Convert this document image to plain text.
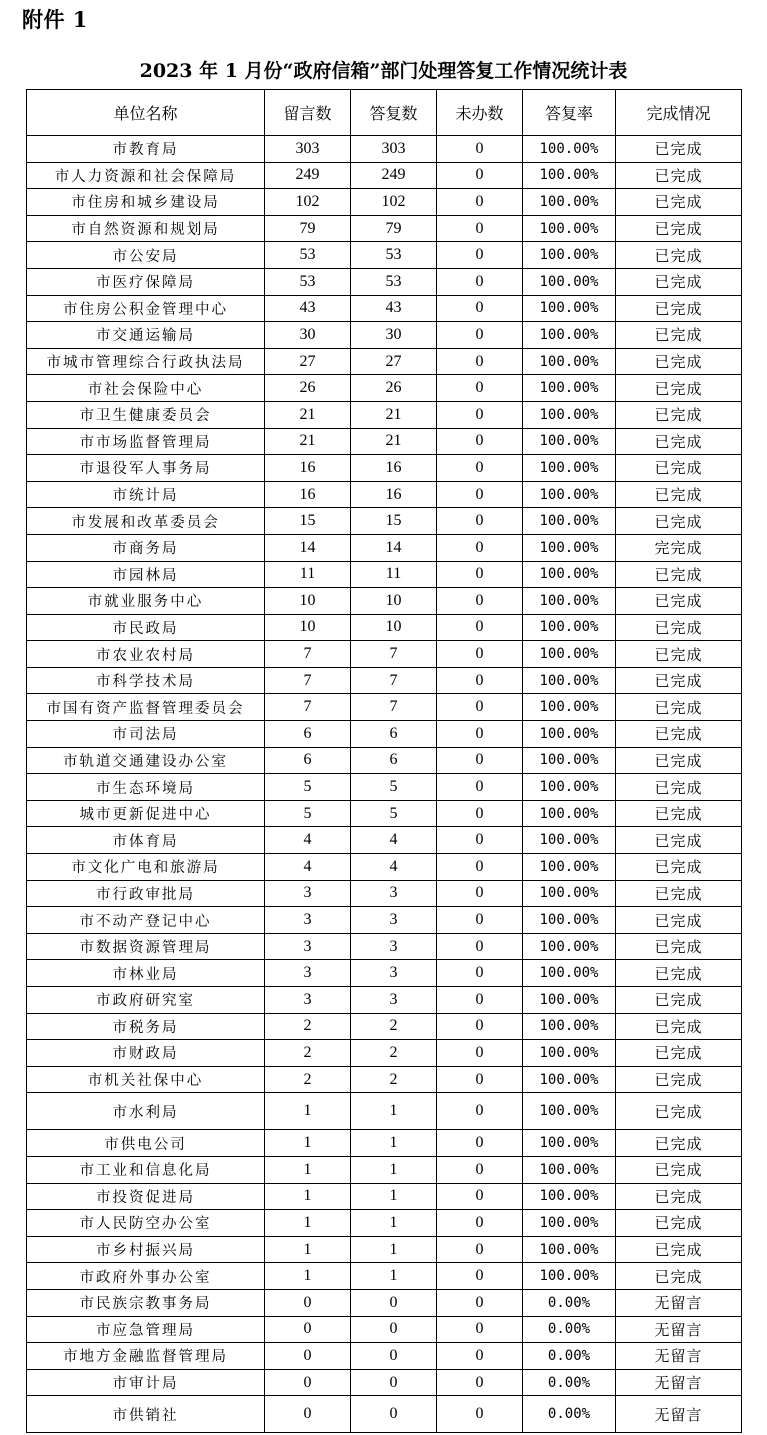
附件 1
2023 年 1 月份“政府信箱”部门处理答复工作情况统计表
单位名称	留言数	答复数	未办数	答复率	完成情况
市教育局	303	303	0	100.00%	已完成
市人力资源和社会保障局	249	249	0	100.00%	已完成
市住房和城乡建设局	102	102	0	100.00%	已完成
市自然资源和规划局	79	79	0	100.00%	已完成
市公安局	53	53	0	100.00%	已完成
市医疗保障局	53	53	0	100.00%	已完成
市住房公积金管理中心	43	43	0	100.00%	已完成
市交通运输局	30	30	0	100.00%	已完成
市城市管理综合行政执法局	27	27	0	100.00%	已完成
市社会保险中心	26	26	0	100.00%	已完成
市卫生健康委员会	21	21	0	100.00%	已完成
市市场监督管理局	21	21	0	100.00%	已完成
市退役军人事务局	16	16	0	100.00%	已完成
市统计局	16	16	0	100.00%	已完成
市发展和改革委员会	15	15	0	100.00%	已完成
市商务局	14	14	0	100.00%	完完成
市园林局	11	11	0	100.00%	已完成
市就业服务中心	10	10	0	100.00%	已完成
市民政局	10	10	0	100.00%	已完成
市农业农村局	7	7	0	100.00%	已完成
市科学技术局	7	7	0	100.00%	已完成
市国有资产监督管理委员会	7	7	0	100.00%	已完成
市司法局	6	6	0	100.00%	已完成
市轨道交通建设办公室	6	6	0	100.00%	已完成
市生态环境局	5	5	0	100.00%	已完成
城市更新促进中心	5	5	0	100.00%	已完成
市体育局	4	4	0	100.00%	已完成
市文化广电和旅游局	4	4	0	100.00%	已完成
市行政审批局	3	3	0	100.00%	已完成
市不动产登记中心	3	3	0	100.00%	已完成
市数据资源管理局	3	3	0	100.00%	已完成
市林业局	3	3	0	100.00%	已完成
市政府研究室	3	3	0	100.00%	已完成
市税务局	2	2	0	100.00%	已完成
市财政局	2	2	0	100.00%	已完成
市机关社保中心	2	2	0	100.00%	已完成
市水利局	1	1	0	100.00%	已完成
市供电公司	1	1	0	100.00%	已完成
市工业和信息化局	1	1	0	100.00%	已完成
市投资促进局	1	1	0	100.00%	已完成
市人民防空办公室	1	1	0	100.00%	已完成
市乡村振兴局	1	1	0	100.00%	已完成
市政府外事办公室	1	1	0	100.00%	已完成
市民族宗教事务局	0	0	0	0.00%	无留言
市应急管理局	0	0	0	0.00%	无留言
市地方金融监督管理局	0	0	0	0.00%	无留言
市审计局	0	0	0	0.00%	无留言
市供销社	0	0	0	0.00%	无留言
